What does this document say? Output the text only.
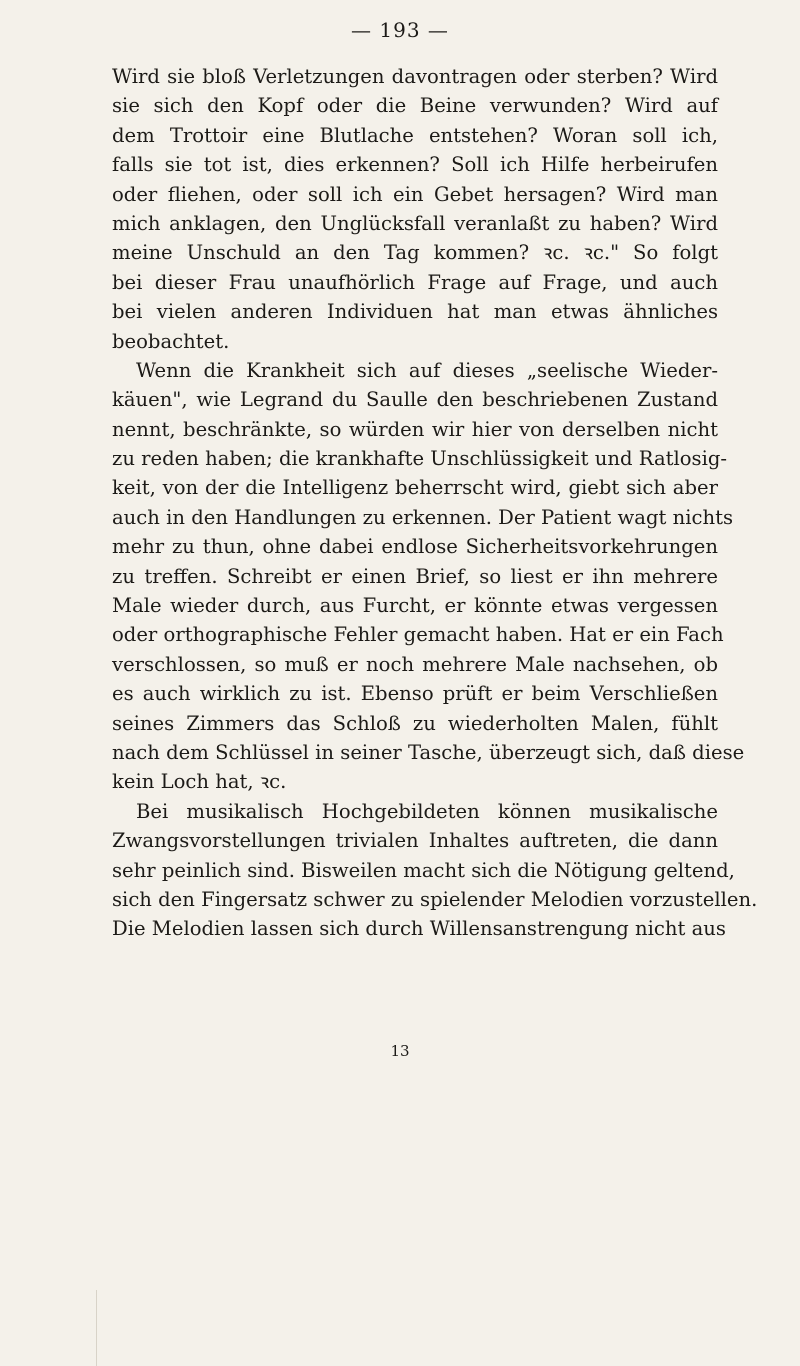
— 193 —
Wird sie bloß Verletzungen davontragen oder sterben? Wird
sie sich den Kopf oder die Beine verwunden? Wird auf
dem Trottoir eine Blutlache entstehen? Woran soll ich,
falls sie tot ist, dies erkennen? Soll ich Hilfe herbeirufen
oder fliehen, oder soll ich ein Gebet hersagen? Wird man
mich anklagen, den Unglücksfall veranlaßt zu haben? Wird
meine Unschuld an den Tag kommen? ꝛc. ꝛc." So folgt
bei dieser Frau unaufhörlich Frage auf Frage, und auch
bei vielen anderen Individuen hat man etwas ähnliches
beobachtet.
Wenn die Krankheit sich auf dieses „seelische Wieder-
käuen", wie Legrand du Saulle den beschriebenen Zustand
nennt, beschränkte, so würden wir hier von derselben nicht
zu reden haben; die krankhafte Unschlüssigkeit und Ratlosig-
keit, von der die Intelligenz beherrscht wird, giebt sich aber
auch in den Handlungen zu erkennen. Der Patient wagt nichts
mehr zu thun, ohne dabei endlose Sicherheitsvorkehrungen
zu treffen. Schreibt er einen Brief, so liest er ihn mehrere
Male wieder durch, aus Furcht, er könnte etwas vergessen
oder orthographische Fehler gemacht haben. Hat er ein Fach
verschlossen, so muß er noch mehrere Male nachsehen, ob
es auch wirklich zu ist. Ebenso prüft er beim Verschließen
seines Zimmers das Schloß zu wiederholten Malen, fühlt
nach dem Schlüssel in seiner Tasche, überzeugt sich, daß diese
kein Loch hat, ꝛc.
Bei musikalisch Hochgebildeten können musikalische
Zwangsvorstellungen trivialen Inhaltes auftreten, die dann
sehr peinlich sind. Bisweilen macht sich die Nötigung geltend,
sich den Fingersatz schwer zu spielender Melodien vorzustellen.
Die Melodien lassen sich durch Willensanstrengung nicht aus
13
